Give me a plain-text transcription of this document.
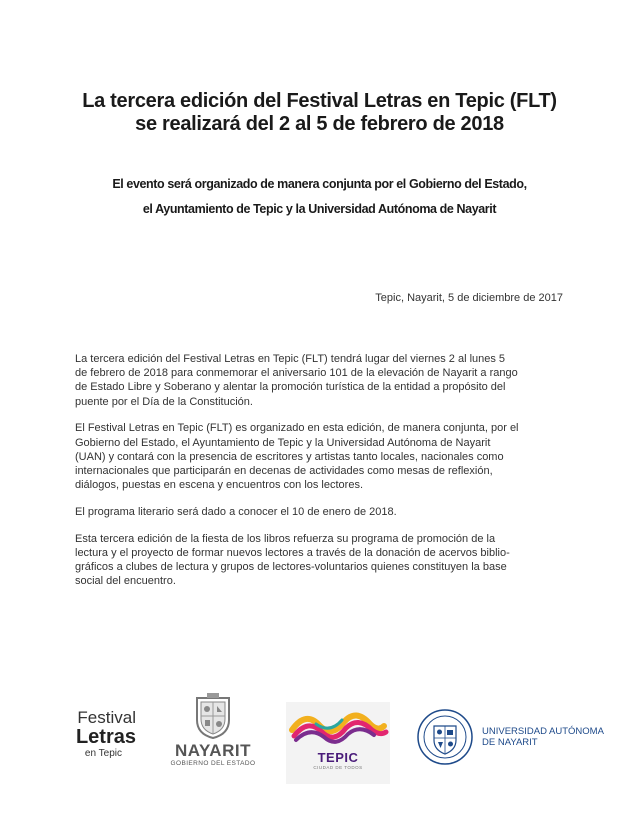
La tercera edición del Festival Letras en Tepic (FLT)
se realizará del 2 al 5 de febrero de 2018
El evento será organizado de manera conjunta por el Gobierno del Estado,
el Ayuntamiento de Tepic y la Universidad Autónoma de Nayarit
Tepic, Nayarit, 5 de diciembre de 2017

La tercera edición del Festival Letras en Tepic (FLT) tendrá lugar del viernes 2 al lunes 5
de febrero de 2018 para conmemorar el aniversario 101 de la elevación de Nayarit a rango
de Estado Libre y Soberano y alentar la promoción turística de la entidad a propósito del
puente por el Día de la Constitución.

El Festival Letras en Tepic (FLT) es organizado en esta edición, de manera conjunta, por el
Gobierno del Estado, el Ayuntamiento de Tepic y la Universidad Autónoma de Nayarit
(UAN) y contará con la presencia de escritores y artistas tanto locales, nacionales como
internacionales que participarán en decenas de actividades como mesas de reflexión,
diálogos, puestas en escena y encuentros con los lectores.

El programa literario será dado a conocer el 10 de enero de 2018.

Esta tercera edición de la fiesta de los libros refuerza su programa de promoción de la
lectura y el proyecto de formar nuevos lectores a través de la donación de acervos biblio-
gráficos a clubes de lectura y grupos de lectores-voluntarios quienes constituyen la base
social del encuentro.

Festival
Letras
en Tepic	NAYARIT
GOBIERNO DEL ESTADO	TEPIC
CIUDAD DE TODOS
UNIVERSIDAD AUTÓNOMA
DE NAYARIT
